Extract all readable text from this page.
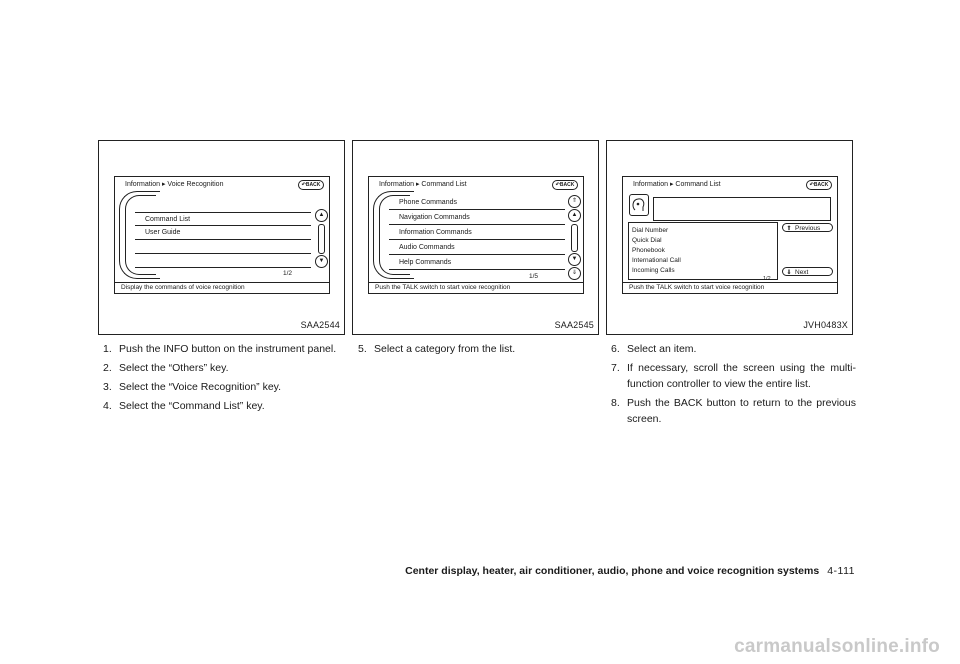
Information ▸ Voice Recognition	↶BACK
Command List
User Guide
▲
▼
1/2
Display the commands of voice recognition
SAA2544
Information ▸ Command List	↶BACK
Phone Commands
Navigation Commands
Information Commands
Audio Commands
Help Commands
⇑
▲
▼
⇓
1/5
Push the TALK switch to start voice recognition
SAA2545
Information ▸ Command List	↶BACK
Dial Number
Quick Dial
Phonebook
International Call
Incoming Calls
⇑ Previous
⇓ Next
1/2
Push the TALK switch to start voice recognition
JVH0483X
1. Push the INFO button on the instrument panel.
2. Select the “Others” key.
3. Select the “Voice Recognition” key.
4. Select the “Command List” key.
5. Select a category from the list.	6. Select an item.
7. If necessary, scroll the screen using the multi-function controller to view the entire list.
8. Push the BACK button to return to the previous screen.
Center display, heater, air conditioner, audio, phone and voice recognition systems 4-111
carmanualsonline.info
